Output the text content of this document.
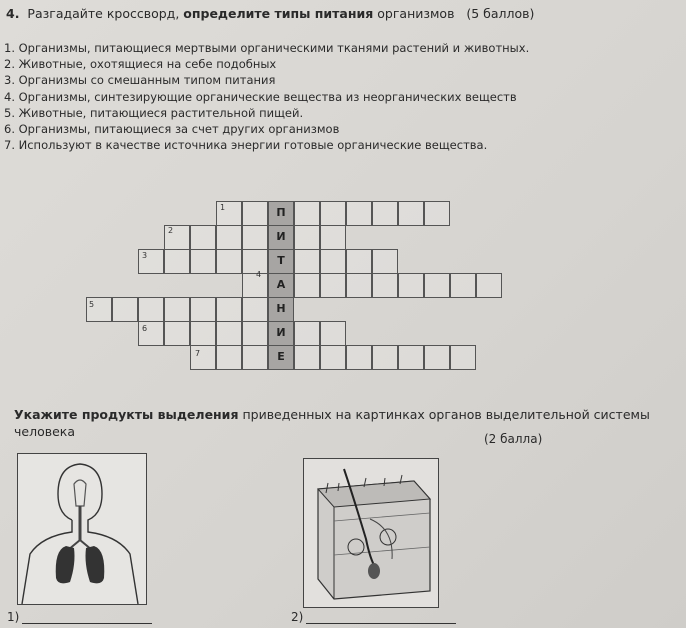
4. Разгадайте кроссворд, определите типы питания организмов (5 баллов)
1. Организмы, питающиеся мертвыми органическими тканями растений и животных.
2. Животные, охотящиеся на себе подобных
3. Организмы со смешанным типом питания
4. Организмы, синтезирующие органические вещества из неорганических веществ
5. Животные, питающиеся растительной пищей.
6. Организмы, питающиеся за счет других организмов
7. Используют в качестве источника энергии готовые органические вещества.
П
1
И
2
Т
3
А
4
Н
5
И
6
Е
7
Укажите продукты выделения приведенных на картинках органов выделительной системы
человека	(2 балла)
1)	2)
